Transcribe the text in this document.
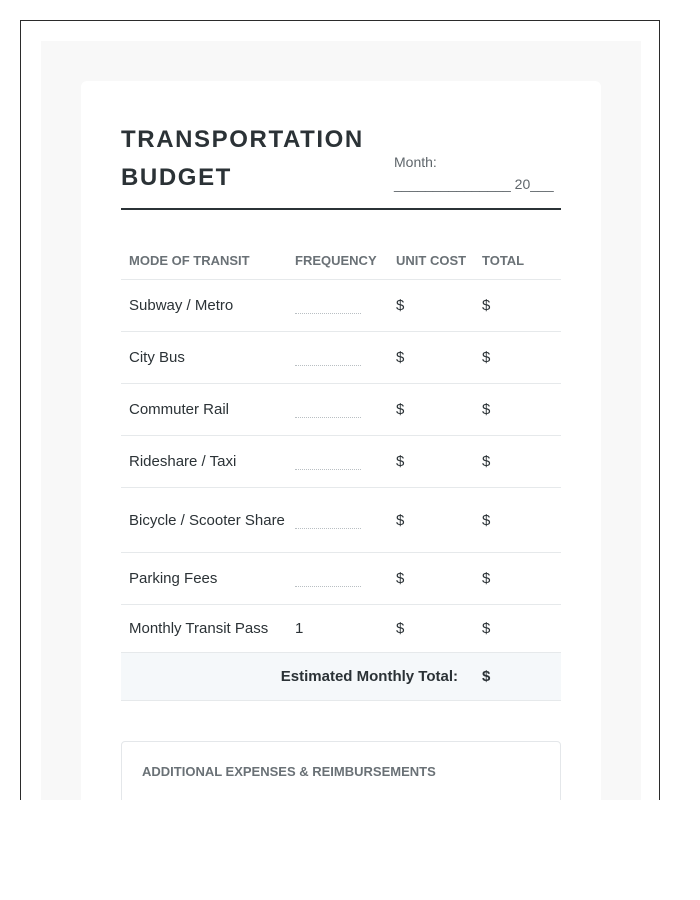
TRANSPORTATION BUDGET
Month:
_______________ 20___
MODE OF TRANSIT	FREQUENCY	UNIT COST	TOTAL
Subway / Metro		$	$
City Bus		$	$
Commuter Rail		$	$
Rideshare / Taxi		$	$
Bicycle / Scooter Share		$	$
Parking Fees		$	$
Monthly Transit Pass	1	$	$
Estimated Monthly Total:			$
ADDITIONAL EXPENSES & REIMBURSEMENTS
